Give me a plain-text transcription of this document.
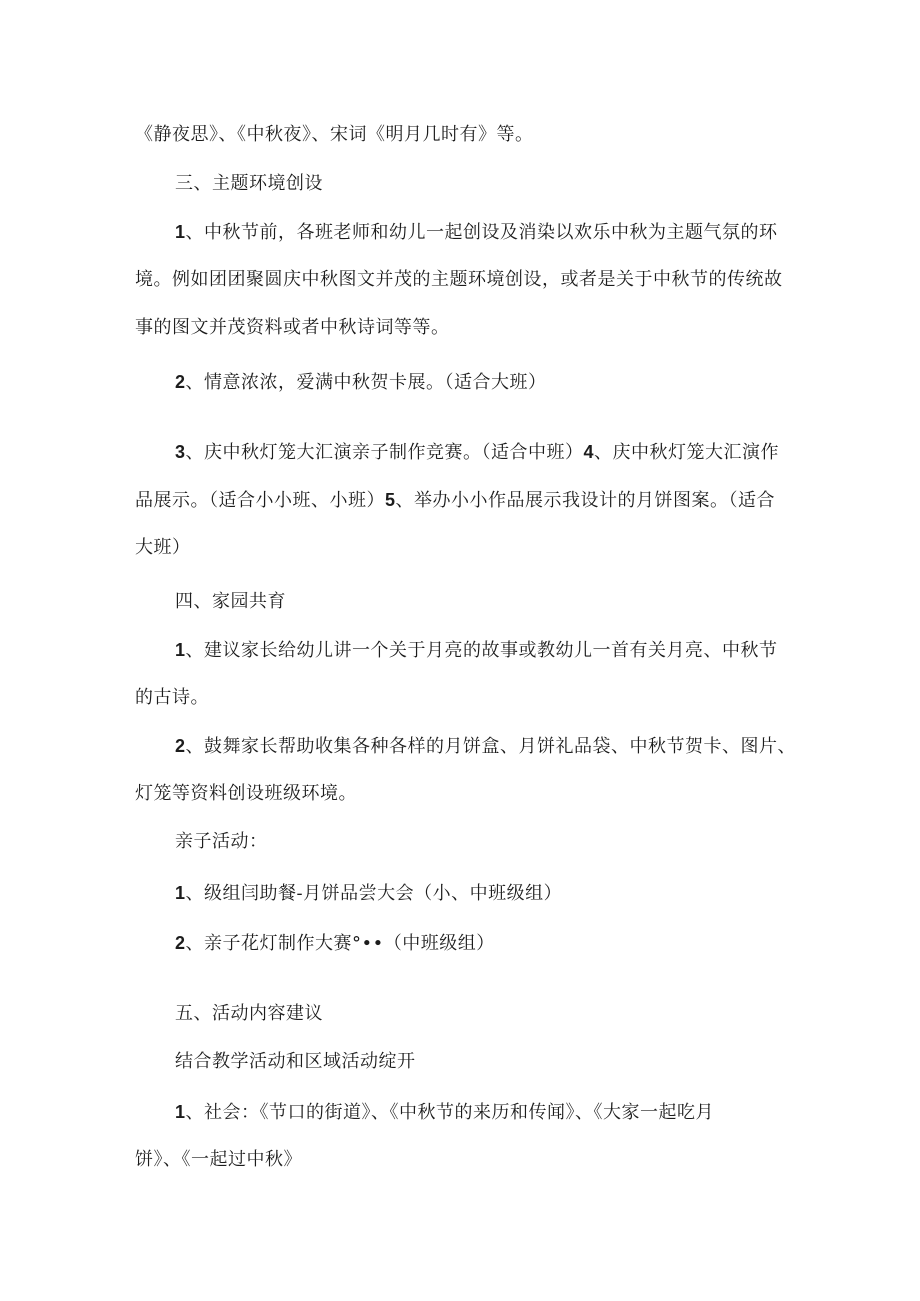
《静夜思》、《中秋夜》、宋词《明月几时有》等。

三、主题环境创设

1、中秋节前，各班老师和幼儿一起创设及消染以欢乐中秋为主题气氛的环
境。例如团团聚圆庆中秋图文并茂的主题环境创设，或者是关于中秋节的传统故
事的图文并茂资料或者中秋诗词等等。

2、情意浓浓，爱满中秋贺卡展。（适合大班）

3、庆中秋灯笼大汇演亲子制作竞赛。（适合中班）4、庆中秋灯笼大汇演作
品展示。（适合小小班、小班）5、举办小小作品展示我设计的月饼图案。（适合
大班）

四、家园共育

1、建议家长给幼儿讲一个关于月亮的故事或教幼儿一首有关月亮、中秋节
的古诗。

2、鼓舞家长帮助收集各种各样的月饼盒、月饼礼品袋、中秋节贺卡、图片、
灯笼等资料创设班级环境。

亲子活动：

1、级组闫助餐-月饼品尝大会（小、中班级组）

2、亲子花灯制作大赛°••（中班级组）

五、活动内容建议

结合教学活动和区域活动绽开

1、社会：《节口的街道》、《中秋节的来历和传闻》、《大家一起吃月
饼》、《一起过中秋》
